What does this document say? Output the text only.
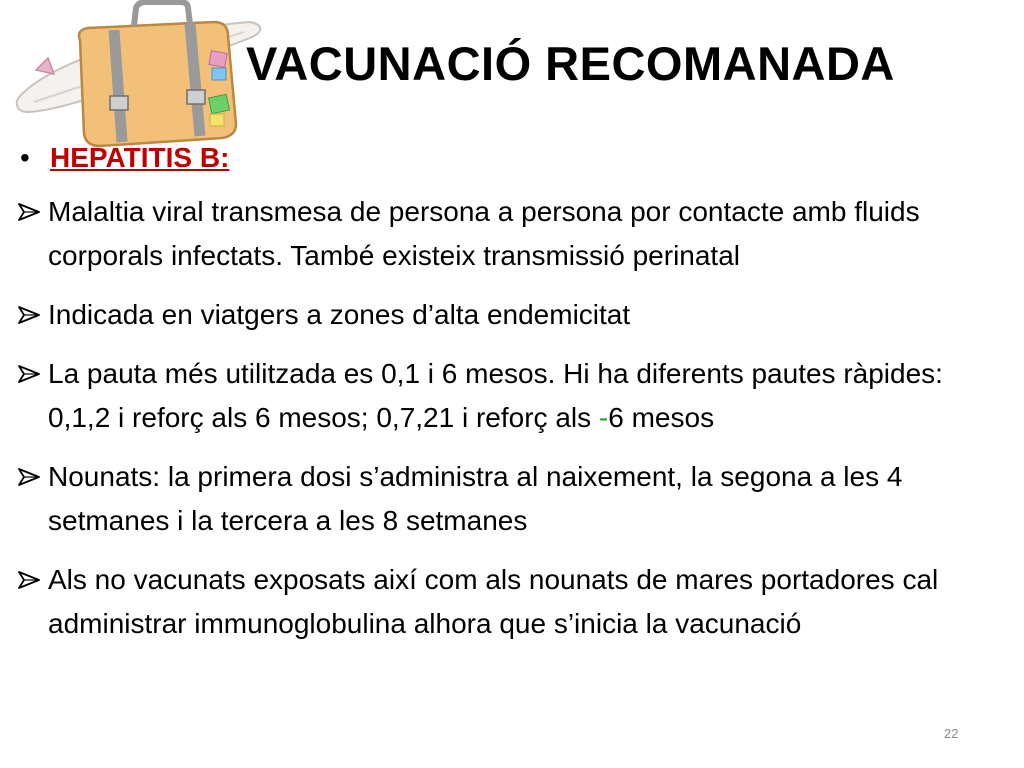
VACUNACIÓ RECOMANADA
• HEPATITIS B:
Malaltia viral transmesa de persona a persona por contacte amb fluids corporals infectats. També existeix transmissió perinatal
Indicada en viatgers a zones d’alta endemicitat
La pauta més utilitzada es 0,1 i 6 mesos. Hi ha diferents pautes ràpides: 0,1,2 i reforç als 6 mesos; 0,7,21 i reforç als -6 mesos
Nounats: la primera dosi s’administra al naixement, la segona a les 4 setmanes i la tercera a les 8 setmanes
Als no vacunats exposats així com als nounats de mares portadores cal administrar immunoglobulina alhora que s’inicia la vacunació
22
